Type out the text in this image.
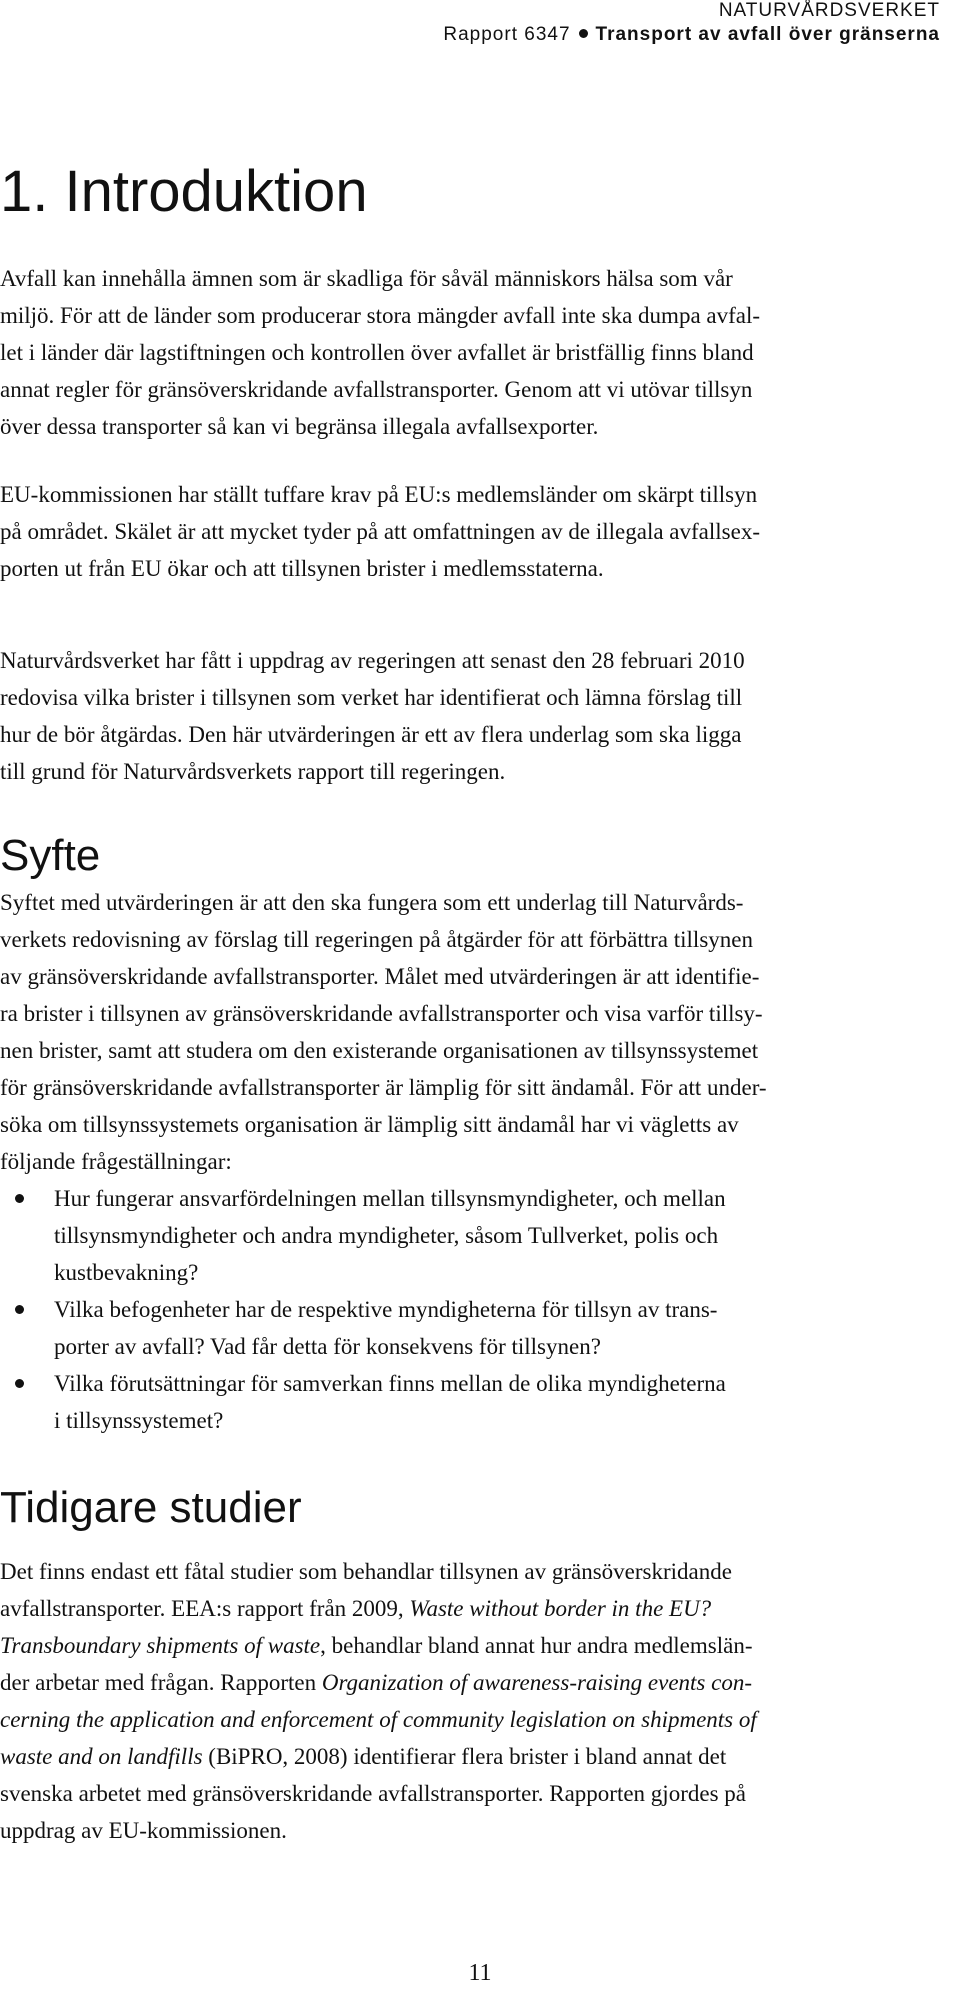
NATURVÅRDSVERKET
Rapport 6347 Transport av avfall över gränserna
1. Introduktion
Avfall kan innehålla ämnen som är skadliga för såväl människors hälsa som vår
miljö. För att de länder som producerar stora mängder avfall inte ska dumpa avfal-
let i länder där lagstiftningen och kontrollen över avfallet är bristfällig finns bland
annat regler för gränsöverskridande avfallstransporter. Genom att vi utövar tillsyn
över dessa transporter så kan vi begränsa illegala avfallsexporter.
EU-kommissionen har ställt tuffare krav på EU:s medlemsländer om skärpt tillsyn
på området. Skälet är att mycket tyder på att omfattningen av de illegala avfallsex-
porten ut från EU ökar och att tillsynen brister i medlemsstaterna.
Naturvårdsverket har fått i uppdrag av regeringen att senast den 28 februari 2010
redovisa vilka brister i tillsynen som verket har identifierat och lämna förslag till
hur de bör åtgärdas. Den här utvärderingen är ett av flera underlag som ska ligga
till grund för Naturvårdsverkets rapport till regeringen.
Syfte
Syftet med utvärderingen är att den ska fungera som ett underlag till Naturvårds-
verkets redovisning av förslag till regeringen på åtgärder för att förbättra tillsynen
av gränsöverskridande avfallstransporter. Målet med utvärderingen är att identifie-
ra brister i tillsynen av gränsöverskridande avfallstransporter och visa varför tillsy-
nen brister, samt att studera om den existerande organisationen av tillsynssystemet
för gränsöverskridande avfallstransporter är lämplig för sitt ändamål. För att under-
söka om tillsynssystemets organisation är lämplig sitt ändamål har vi vägletts av
följande frågeställningar:
Hur fungerar ansvarfördelningen mellan tillsynsmyndigheter, och mellan
tillsynsmyndigheter och andra myndigheter, såsom Tullverket, polis och
kustbevakning?
Vilka befogenheter har de respektive myndigheterna för tillsyn av trans-
porter av avfall? Vad får detta för konsekvens för tillsynen?
Vilka förutsättningar för samverkan finns mellan de olika myndigheterna
i tillsynssystemet?
Tidigare studier
Det finns endast ett fåtal studier som behandlar tillsynen av gränsöverskridande
avfallstransporter. EEA:s rapport från 2009, Waste without border in the EU?
Transboundary shipments of waste, behandlar bland annat hur andra medlemslän-
der arbetar med frågan. Rapporten Organization of awareness-raising events con-
cerning the application and enforcement of community legislation on shipments of
waste and on landfills (BiPRO, 2008) identifierar flera brister i bland annat det
svenska arbetet med gränsöverskridande avfallstransporter. Rapporten gjordes på
uppdrag av EU-kommissionen.
11
